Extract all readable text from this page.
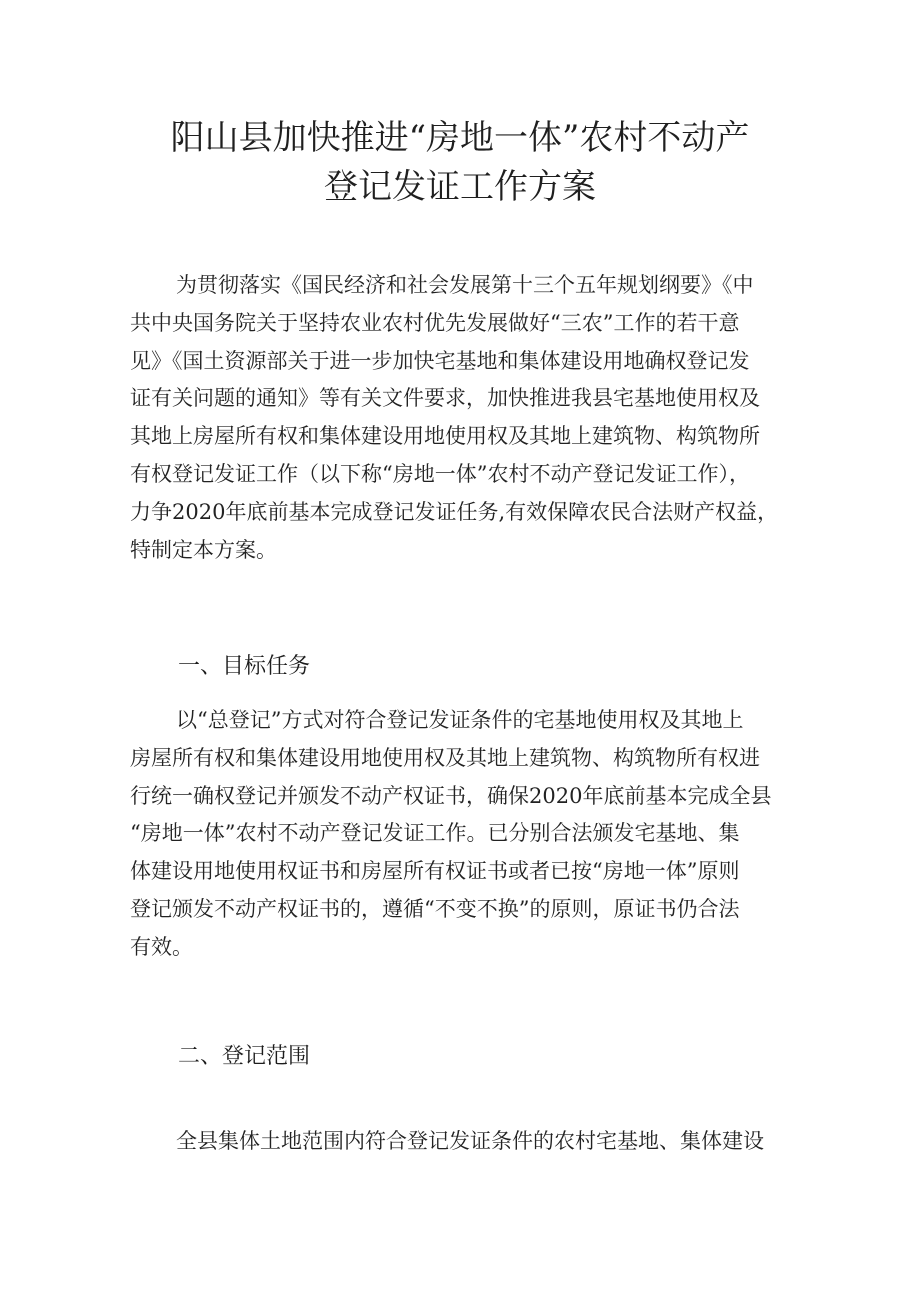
阳山县加快推进“房地一体”农村不动产
登记发证工作方案
为贯彻落实《国民经济和社会发展第十三个五年规划纲要》《中
共中央国务院关于坚持农业农村优先发展做好“三农”工作的若干意
见》《国土资源部关于进一步加快宅基地和集体建设用地确权登记发
证有关问题的通知》等有关文件要求，加快推进我县宅基地使用权及
其地上房屋所有权和集体建设用地使用权及其地上建筑物、构筑物所
有权登记发证工作（以下称“房地一体”农村不动产登记发证工作），
力争2020年底前基本完成登记发证任务,有效保障农民合法财产权益，
特制定本方案。
一、目标任务
以“总登记”方式对符合登记发证条件的宅基地使用权及其地上
房屋所有权和集体建设用地使用权及其地上建筑物、构筑物所有权进
行统一确权登记并颁发不动产权证书，确保2020年底前基本完成全县
“房地一体”农村不动产登记发证工作。已分别合法颁发宅基地、集
体建设用地使用权证书和房屋所有权证书或者已按“房地一体”原则
登记颁发不动产权证书的，遵循“不变不换”的原则，原证书仍合法
有效。
二、登记范围
全县集体土地范围内符合登记发证条件的农村宅基地、集体建设
